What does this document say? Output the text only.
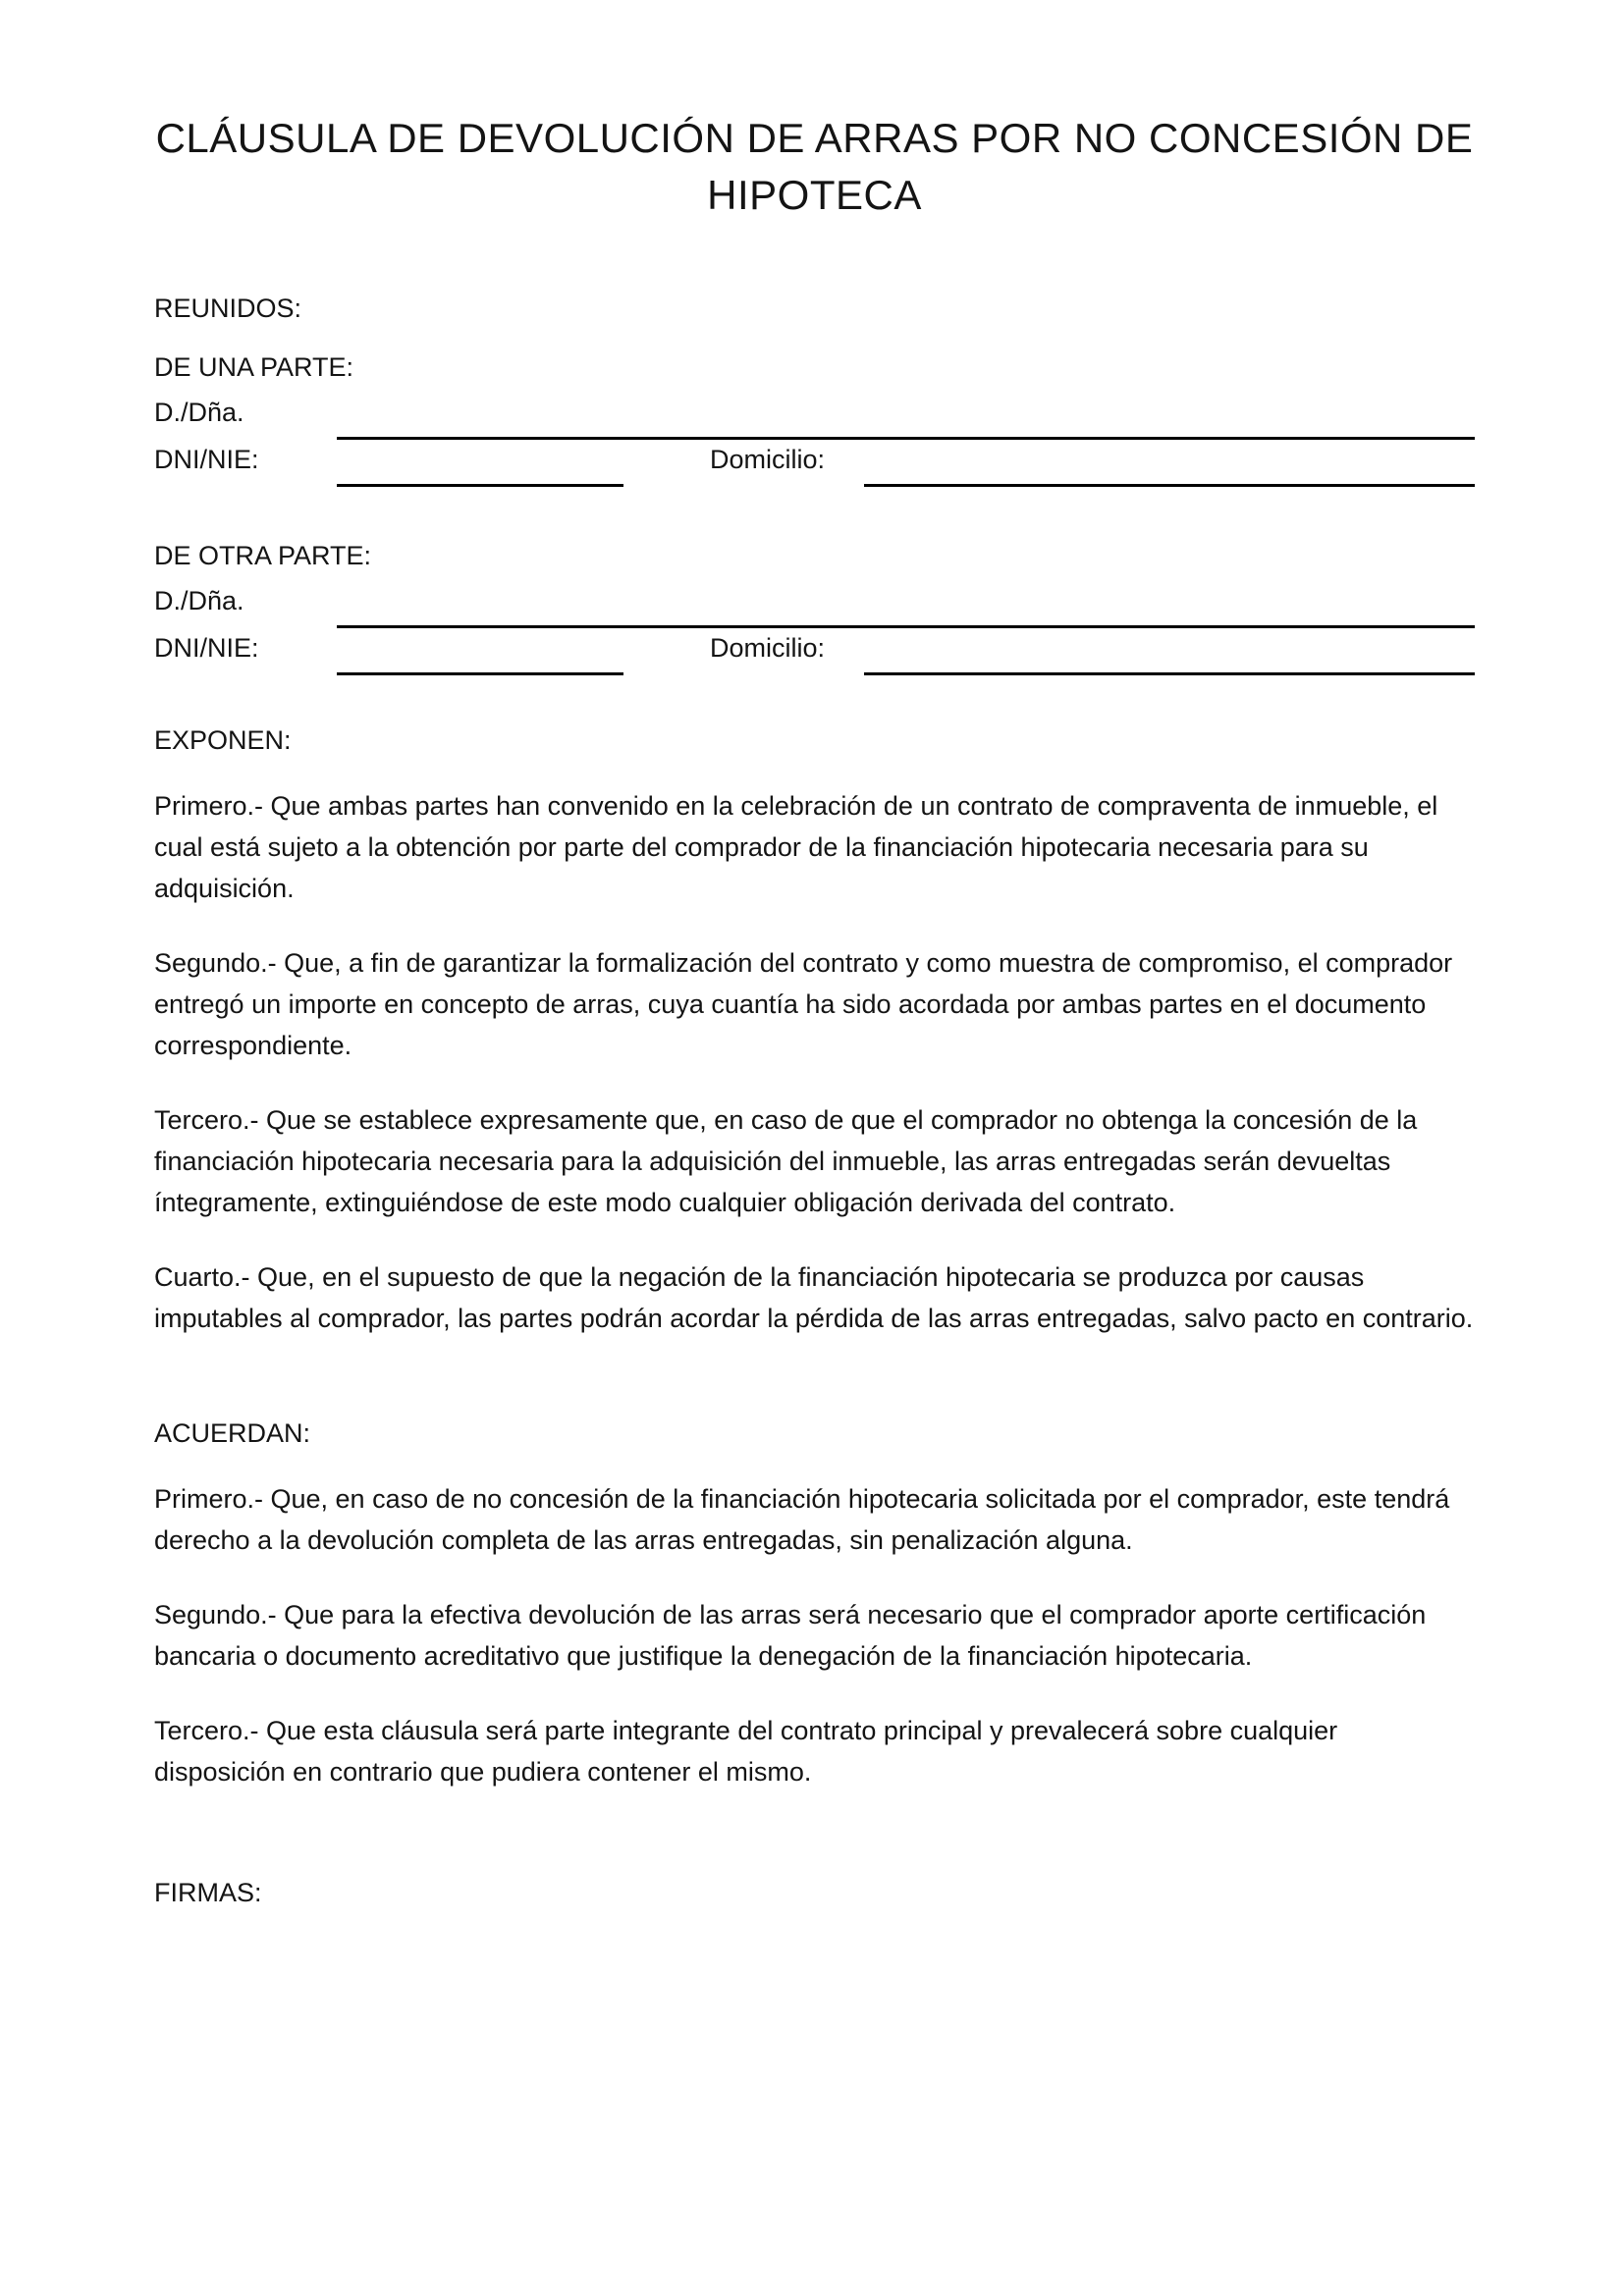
CLÁUSULA DE DEVOLUCIÓN DE ARRAS POR NO CONCESIÓN DE HIPOTECA
REUNIDOS:
DE UNA PARTE:
D./Dña.
DNI/NIE:	Domicilio:
DE OTRA PARTE:
D./Dña.
DNI/NIE:	Domicilio:
EXPONEN:

Primero.- Que ambas partes han convenido en la celebración de un contrato de compraventa de inmueble, el cual está sujeto a la obtención por parte del comprador de la financiación hipotecaria necesaria para su adquisición.

Segundo.- Que, a fin de garantizar la formalización del contrato y como muestra de compromiso, el comprador entregó un importe en concepto de arras, cuya cuantía ha sido acordada por ambas partes en el documento correspondiente.

Tercero.- Que se establece expresamente que, en caso de que el comprador no obtenga la concesión de la financiación hipotecaria necesaria para la adquisición del inmueble, las arras entregadas serán devueltas íntegramente, extinguiéndose de este modo cualquier obligación derivada del contrato.

Cuarto.- Que, en el supuesto de que la negación de la financiación hipotecaria se produzca por causas imputables al comprador, las partes podrán acordar la pérdida de las arras entregadas, salvo pacto en contrario.

ACUERDAN:

Primero.- Que, en caso de no concesión de la financiación hipotecaria solicitada por el comprador, este tendrá derecho a la devolución completa de las arras entregadas, sin penalización alguna.

Segundo.- Que para la efectiva devolución de las arras será necesario que el comprador aporte certificación bancaria o documento acreditativo que justifique la denegación de la financiación hipotecaria.

Tercero.- Que esta cláusula será parte integrante del contrato principal y prevalecerá sobre cualquier disposición en contrario que pudiera contener el mismo.

FIRMAS:
